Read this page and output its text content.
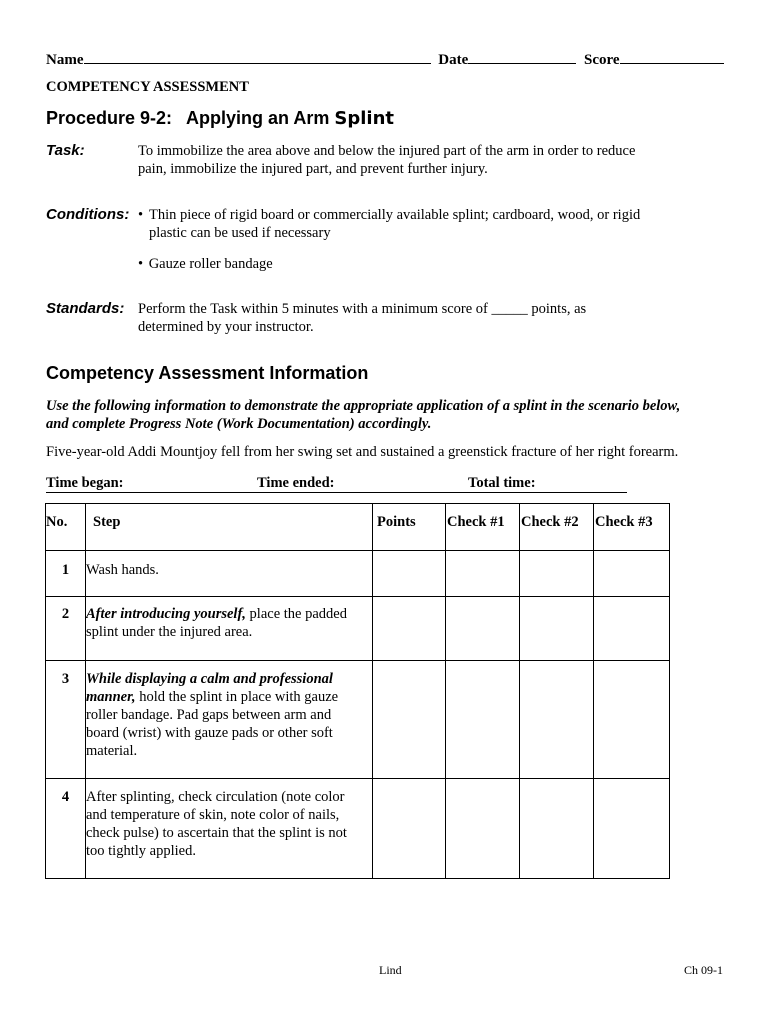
Name	Date	Score
COMPETENCY ASSESSMENT
Procedure 9-2: Applying an Arm Splint
Task:	To immobilize the area above and below the injured part of the arm in order to reduce
pain, immobilize the injured part, and prevent further injury.
Conditions: • Thin piece of rigid board or commercially available splint; cardboard, wood, or rigid
plastic can be used if necessary
• Gauze roller bandage
Standards: Perform the Task within 5 minutes with a minimum score of _____ points, as
determined by your instructor.
Competency Assessment Information
Use the following information to demonstrate the appropriate application of a splint in the scenario below,
and complete Progress Note (Work Documentation) accordingly.
Five-year-old Addi Mountjoy fell from her swing set and sustained a greenstick fracture of her right forearm.
Time began:	Time ended:	Total time:
No.	Step	Points	Check #1	Check #2	Check #3
1	Wash hands.				

2	After introducing yourself, place the padded
splint under the injured area.				

3	While displaying a calm and professional
manner, hold the splint in place with gauze
roller bandage. Pad gaps between arm and
board (wrist) with gauze pads or other soft
material.				

4	After splinting, check circulation (note color
and temperature of skin, note color of nails,
check pulse) to ascertain that the splint is not
too tightly applied.				

Lind	Ch 09-1
